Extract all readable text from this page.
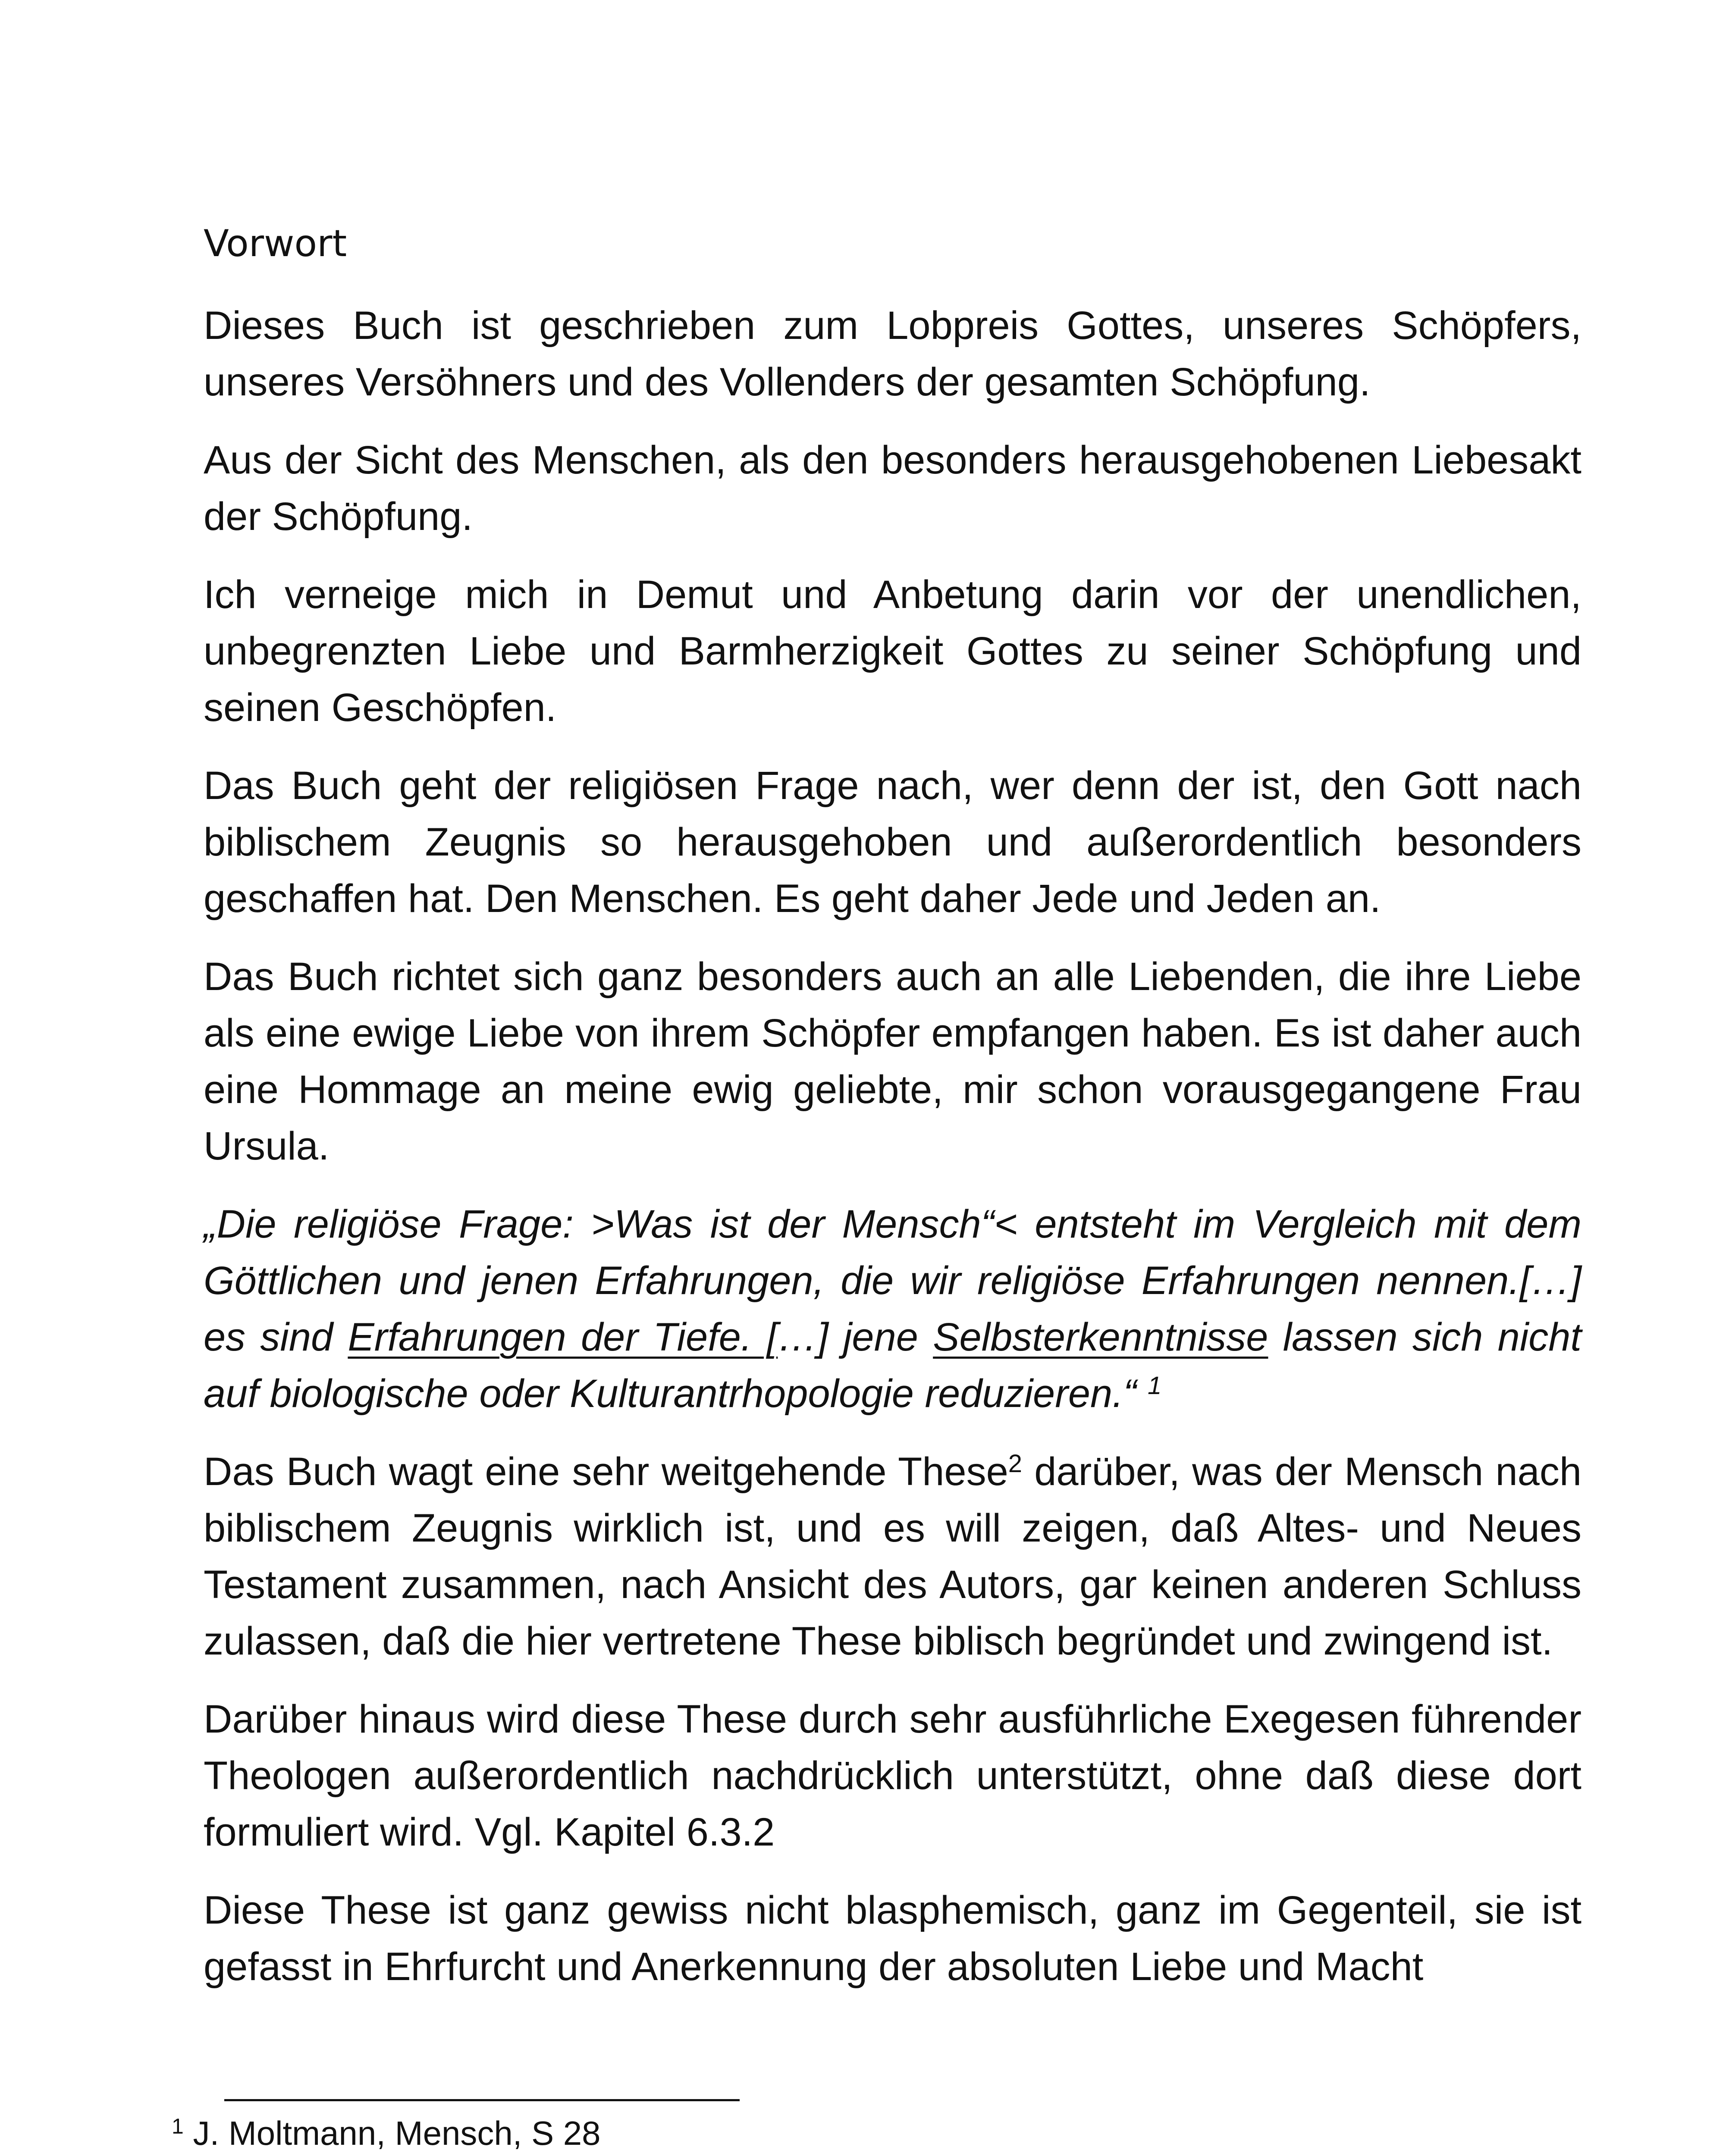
Vorwort

Dieses Buch ist geschrieben zum Lobpreis Gottes, unseres Schöpfers, unseres Versöhners und des Vollenders der gesamten Schöpfung.

Aus der Sicht des Menschen, als den besonders herausgehobenen Liebesakt der Schöpfung.

Ich verneige mich in Demut und Anbetung darin vor der unendlichen, unbegrenzten Liebe und Barmherzigkeit Gottes zu seiner Schöpfung und seinen Geschöpfen.

Das Buch geht der religiösen Frage nach, wer denn der ist, den Gott nach biblischem Zeugnis so herausgehoben und außerordentlich besonders geschaffen hat. Den Menschen. Es geht daher Jede und Jeden an.

Das Buch richtet sich ganz besonders auch an alle Liebenden, die ihre Liebe als eine ewige Liebe von ihrem Schöpfer empfangen haben. Es ist daher auch eine Hommage an meine ewig geliebte, mir schon vorausgegangene Frau Ursula.

„Die religiöse Frage: >Was ist der Mensch“< entsteht im Vergleich mit dem Göttlichen und jenen Erfahrungen, die wir religiöse Erfahrungen nennen.[…] es sind Erfahrungen der Tiefe. […] jene Selbsterkenntnisse lassen sich nicht auf biologische oder Kulturantrhopologie reduzieren.“ $^1$

Das Buch wagt eine sehr weitgehende These$^2$ darüber, was der Mensch nach biblischem Zeugnis wirklich ist, und es will zeigen, daß Altes- und Neues Testament zusammen, nach Ansicht des Autors, gar keinen anderen Schluss zulassen, daß die hier vertretene These biblisch begründet und zwingend ist.

Darüber hinaus wird diese These durch sehr ausführliche Exegesen führender Theologen außerordentlich nachdrücklich unterstützt, ohne daß diese dort formuliert wird. Vgl. Kapitel 6.3.2

Diese These ist ganz gewiss nicht blasphemisch, ganz im Gegenteil, sie ist gefasst in Ehrfurcht und Anerkennung der absoluten Liebe und Macht

$^1$ J. Moltmann, Mensch, S 28
